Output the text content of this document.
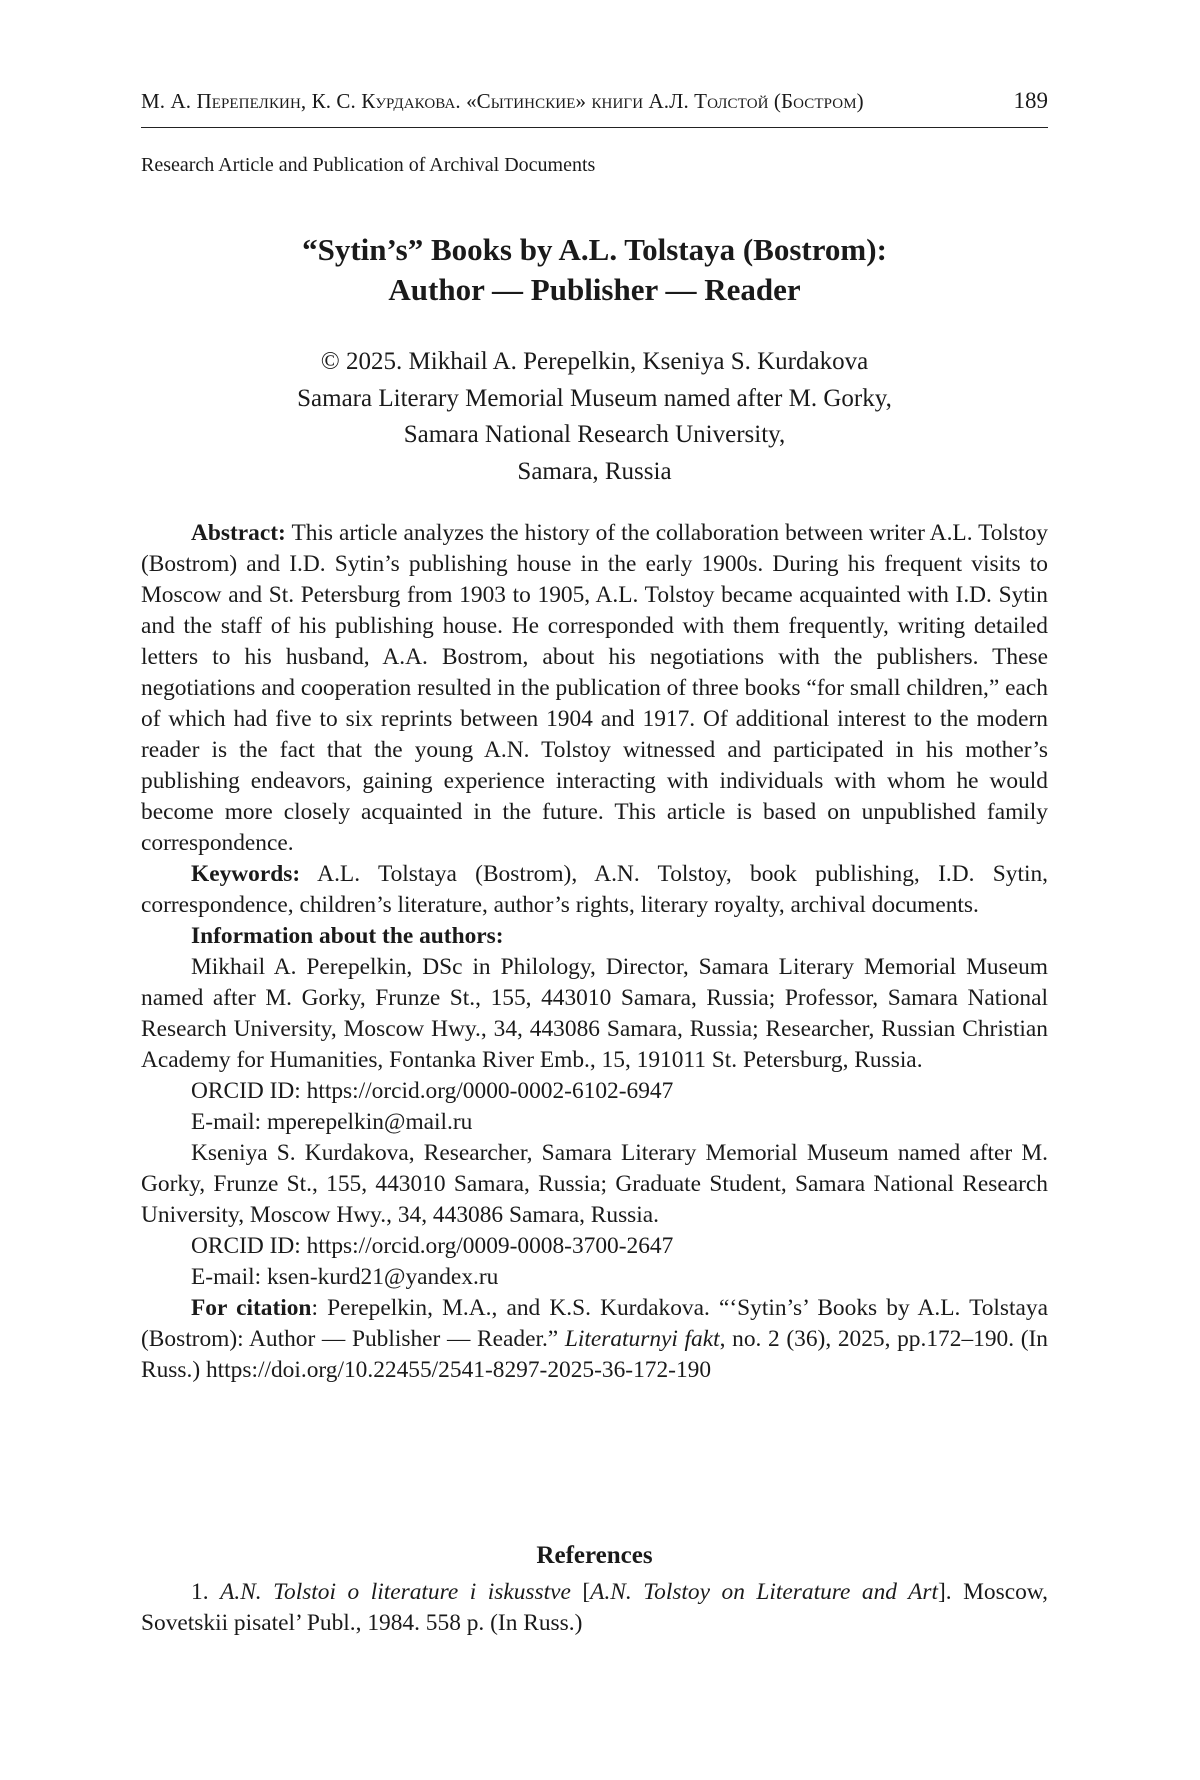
М. А. Перепелкин, К. С. Курдакова. «Сытинские» книги А.Л. Толстой (Бостром)	189
Research Article and Publication of Archival Documents
“Sytin’s” Books by A.L. Tolstaya (Bostrom):
Author — Publisher — Reader
© 2025. Mikhail A. Perepelkin, Kseniya S. Kurdakova
Samara Literary Memorial Museum named after M. Gorky,
Samara National Research University,
Samara, Russia

Abstract: This article analyzes the history of the collaboration between writer A.L. Tolstoy (Bostrom) and I.D. Sytin’s publishing house in the early 1900s. During his frequent visits to Moscow and St. Petersburg from 1903 to 1905, A.L. Tolstoy became acquainted with I.D. Sytin and the staff of his publishing house. He corresponded with them frequently, writing detailed letters to his husband, A.A. Bostrom, about his negotiations with the publishers. These negotiations and cooperation resulted in the publication of three books “for small children,” each of which had five to six reprints between 1904 and 1917. Of additional interest to the modern reader is the fact that the young A.N. Tolstoy witnessed and participated in his mother’s publishing endeavors, gaining experience interacting with individuals with whom he would become more closely acquainted in the future. This article is based on unpublished family correspondence.

Keywords: A.L. Tolstaya (Bostrom), A.N. Tolstoy, book publishing, I.D. Sytin, correspondence, children’s literature, author’s rights, literary royalty, archival documents.

Information about the authors:

Mikhail A. Perepelkin, DSc in Philology, Director, Samara Literary Memorial Museum named after M. Gorky, Frunze St., 155, 443010 Samara, Russia; Professor, Samara National Research University, Moscow Hwy., 34, 443086 Samara, Russia; Researcher, Russian Christian Academy for Humanities, Fontanka River Emb., 15, 191011 St. Petersburg, Russia.

ORCID ID: https://orcid.org/0000-0002-6102-6947

E-mail: mperepelkin@mail.ru

Kseniya S. Kurdakova, Researcher, Samara Literary Memorial Museum named after M. Gorky, Frunze St., 155, 443010 Samara, Russia; Graduate Student, Samara National Research University, Moscow Hwy., 34, 443086 Samara, Russia.

ORCID ID: https://orcid.org/0009-0008-3700-2647

E-mail: ksen-kurd21@yandex.ru

For citation: Perepelkin, M.A., and K.S. Kurdakova. “‘Sytin’s’ Books by A.L. Tolstaya (Bostrom): Author — Publisher — Reader.” Literaturnyi fakt, no. 2 (36), 2025, pp.172–190. (In Russ.) https://doi.org/10.22455/2541-8297-2025-36-172-190

References

1. A.N. Tolstoi o literature i iskusstve [A.N. Tolstoy on Literature and Art]. Moscow, Sovetskii pisatel’ Publ., 1984. 558 p. (In Russ.)
